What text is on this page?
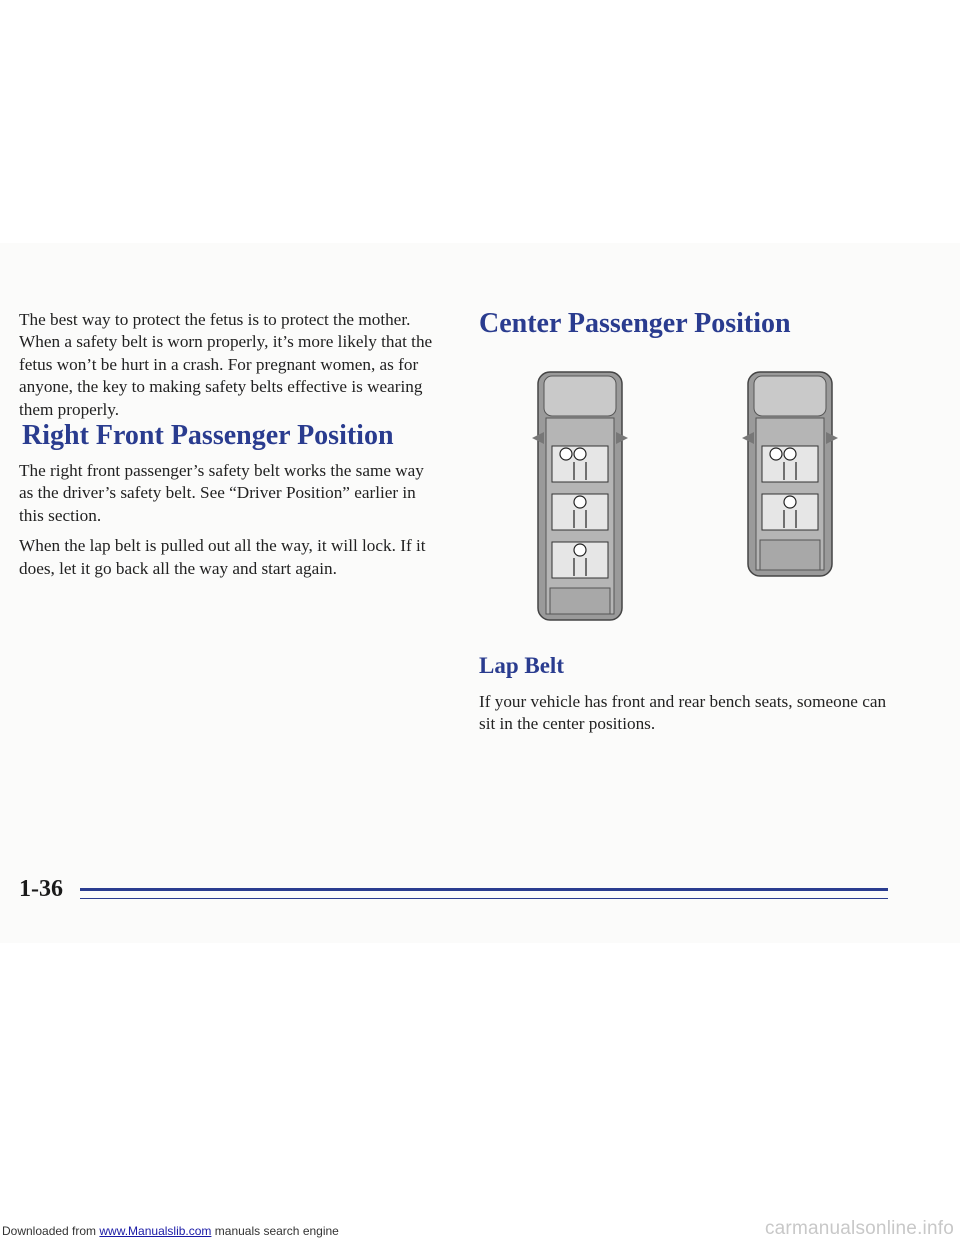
The best way to protect the fetus is to protect the mother. When a safety belt is worn properly, it’s more likely that the fetus won’t be hurt in a crash. For pregnant women, as for anyone, the key to making safety belts effective is wearing them properly.

Right Front Passenger Position

The right front passenger’s safety belt works the same way as the driver’s safety belt. See “Driver Position” earlier in this section.

When the lap belt is pulled out all the way, it will lock. If it does, let it go back all the way and start again.

Center Passenger Position
Lap Belt

If your vehicle has front and rear bench seats, someone can sit in the center positions.

1-36
Downloaded from www.Manualslib.com manuals search engine	carmanualsonline.info
